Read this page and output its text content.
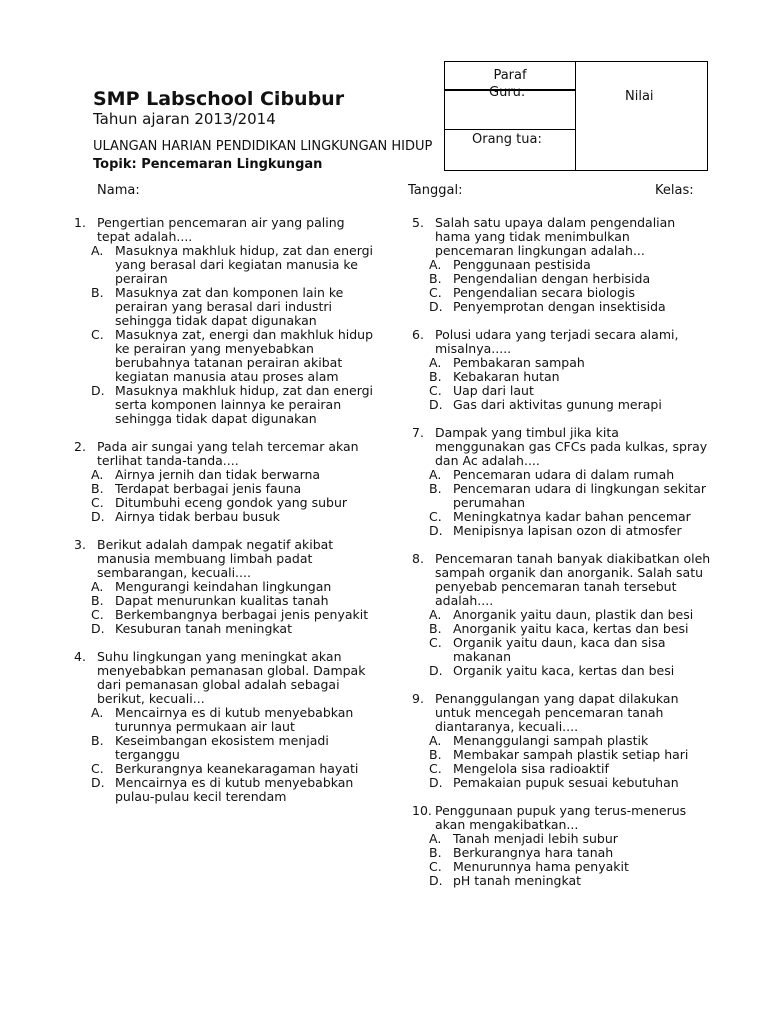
SMP Labschool Cibubur
Tahun ajaran 2013/2014
ULANGAN HARIAN PENDIDIKAN LINGKUNGAN HIDUP
Topik: Pencemaran Lingkungan
Paraf
Guru:
Orang tua:
Nilai
Nama:	Tanggal:	Kelas:
1. Pengertian pencemaran air yang paling tepat adalah....
A. Masuknya makhluk hidup, zat dan energi yang berasal dari kegiatan manusia ke perairan
B. Masuknya zat dan komponen lain ke perairan yang berasal dari industri sehingga tidak dapat digunakan
C. Masuknya zat, energi dan makhluk hidup ke perairan yang menyebabkan berubahnya tatanan perairan akibat kegiatan manusia atau proses alam
D. Masuknya makhluk hidup, zat dan energi serta komponen lainnya ke perairan sehingga tidak dapat digunakan
2. Pada air sungai yang telah tercemar akan terlihat tanda-tanda....
A. Airnya jernih dan tidak berwarna
B. Terdapat berbagai jenis fauna
C. Ditumbuhi eceng gondok yang subur
D. Airnya tidak berbau busuk
3. Berikut adalah dampak negatif akibat manusia membuang limbah padat sembarangan, kecuali....
A. Mengurangi keindahan lingkungan
B. Dapat menurunkan kualitas tanah
C. Berkembangnya berbagai jenis penyakit
D. Kesuburan tanah meningkat
4. Suhu lingkungan yang meningkat akan menyebabkan pemanasan global. Dampak dari pemanasan global adalah sebagai berikut, kecuali...
A. Mencairnya es di kutub menyebabkan turunnya permukaan air laut
B. Keseimbangan ekosistem menjadi terganggu
C. Berkurangnya keanekaragaman hayati
D. Mencairnya es di kutub menyebabkan pulau-pulau kecil terendam
5. Salah satu upaya dalam pengendalian hama yang tidak menimbulkan pencemaran lingkungan adalah...
A. Penggunaan pestisida
B. Pengendalian dengan herbisida
C. Pengendalian secara biologis
D. Penyemprotan dengan insektisida
6. Polusi udara yang terjadi secara alami, misalnya.....
A. Pembakaran sampah
B. Kebakaran hutan
C. Uap dari laut
D. Gas dari aktivitas gunung merapi
7. Dampak yang timbul jika kita menggunakan gas CFCs pada kulkas, spray dan Ac adalah....
A. Pencemaran udara di dalam rumah
B. Pencemaran udara di lingkungan sekitar perumahan
C. Meningkatnya kadar bahan pencemar
D. Menipisnya lapisan ozon di atmosfer
8. Pencemaran tanah banyak diakibatkan oleh sampah organik dan anorganik. Salah satu penyebab pencemaran tanah tersebut adalah....
A. Anorganik yaitu daun, plastik dan besi
B. Anorganik yaitu kaca, kertas dan besi
C. Organik yaitu daun, kaca dan sisa makanan
D. Organik yaitu kaca, kertas dan besi
9. Penanggulangan yang dapat dilakukan untuk mencegah pencemaran tanah diantaranya, kecuali....
A. Menanggulangi sampah plastik
B. Membakar sampah plastik setiap hari
C. Mengelola sisa radioaktif
D. Pemakaian pupuk sesuai kebutuhan
10. Penggunaan pupuk yang terus-menerus akan mengakibatkan...
A. Tanah menjadi lebih subur
B. Berkurangnya hara tanah
C. Menurunnya hama penyakit
D. pH tanah meningkat
